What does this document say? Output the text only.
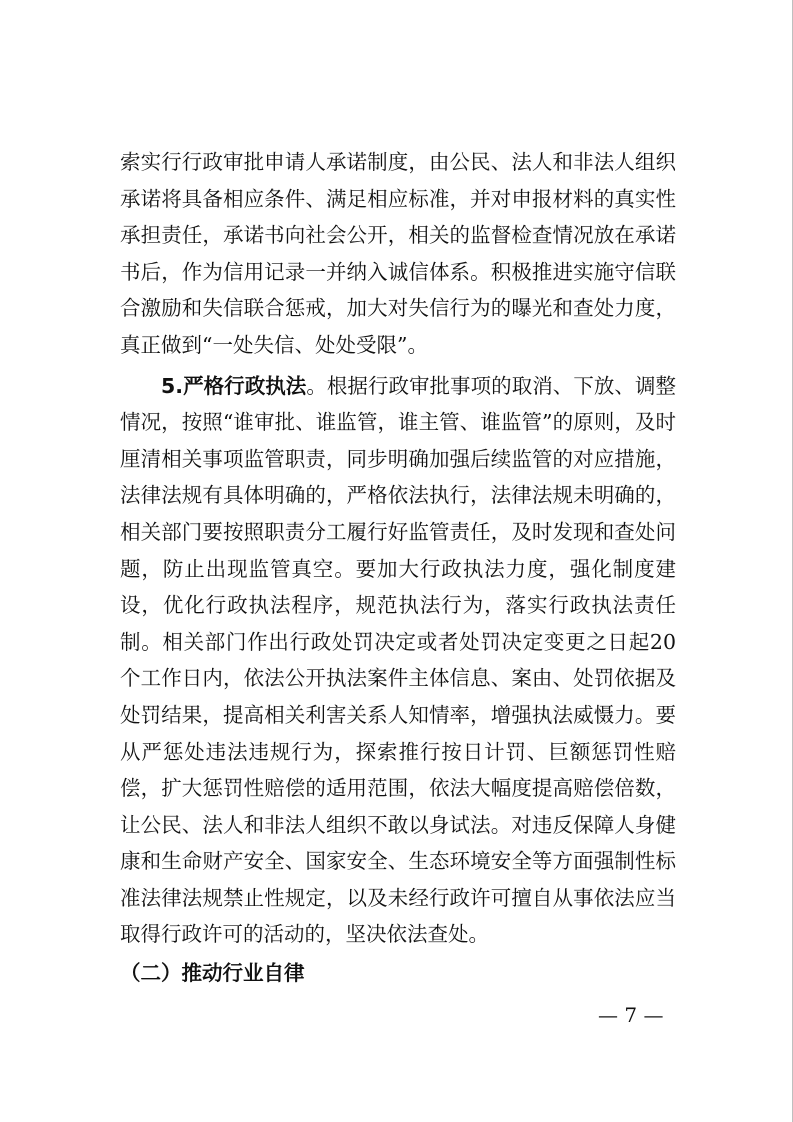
索实行行政审批申请人承诺制度，由公民、法人和非法人组织承诺将具备相应条件、满足相应标准，并对申报材料的真实性承担责任，承诺书向社会公开，相关的监督检查情况放在承诺书后，作为信用记录一并纳入诚信体系。积极推进实施守信联合激励和失信联合惩戒，加大对失信行为的曝光和查处力度，真正做到“一处失信、处处受限”。

5.严格行政执法。根据行政审批事项的取消、下放、调整情况，按照“谁审批、谁监管，谁主管、谁监管”的原则，及时厘清相关事项监管职责，同步明确加强后续监管的对应措施，法律法规有具体明确的，严格依法执行，法律法规未明确的，相关部门要按照职责分工履行好监管责任，及时发现和查处问题，防止出现监管真空。要加大行政执法力度，强化制度建设，优化行政执法程序，规范执法行为，落实行政执法责任制。相关部门作出行政处罚决定或者处罚决定变更之日起20个工作日内，依法公开执法案件主体信息、案由、处罚依据及处罚结果，提高相关利害关系人知情率，增强执法威慑力。要从严惩处违法违规行为，探索推行按日计罚、巨额惩罚性赔偿，扩大惩罚性赔偿的适用范围，依法大幅度提高赔偿倍数，让公民、法人和非法人组织不敢以身试法。对违反保障人身健康和生命财产安全、国家安全、生态环境安全等方面强制性标准法律法规禁止性规定，以及未经行政许可擅自从事依法应当取得行政许可的活动的，坚决依法查处。

（二）推动行业自律
— 7 —
